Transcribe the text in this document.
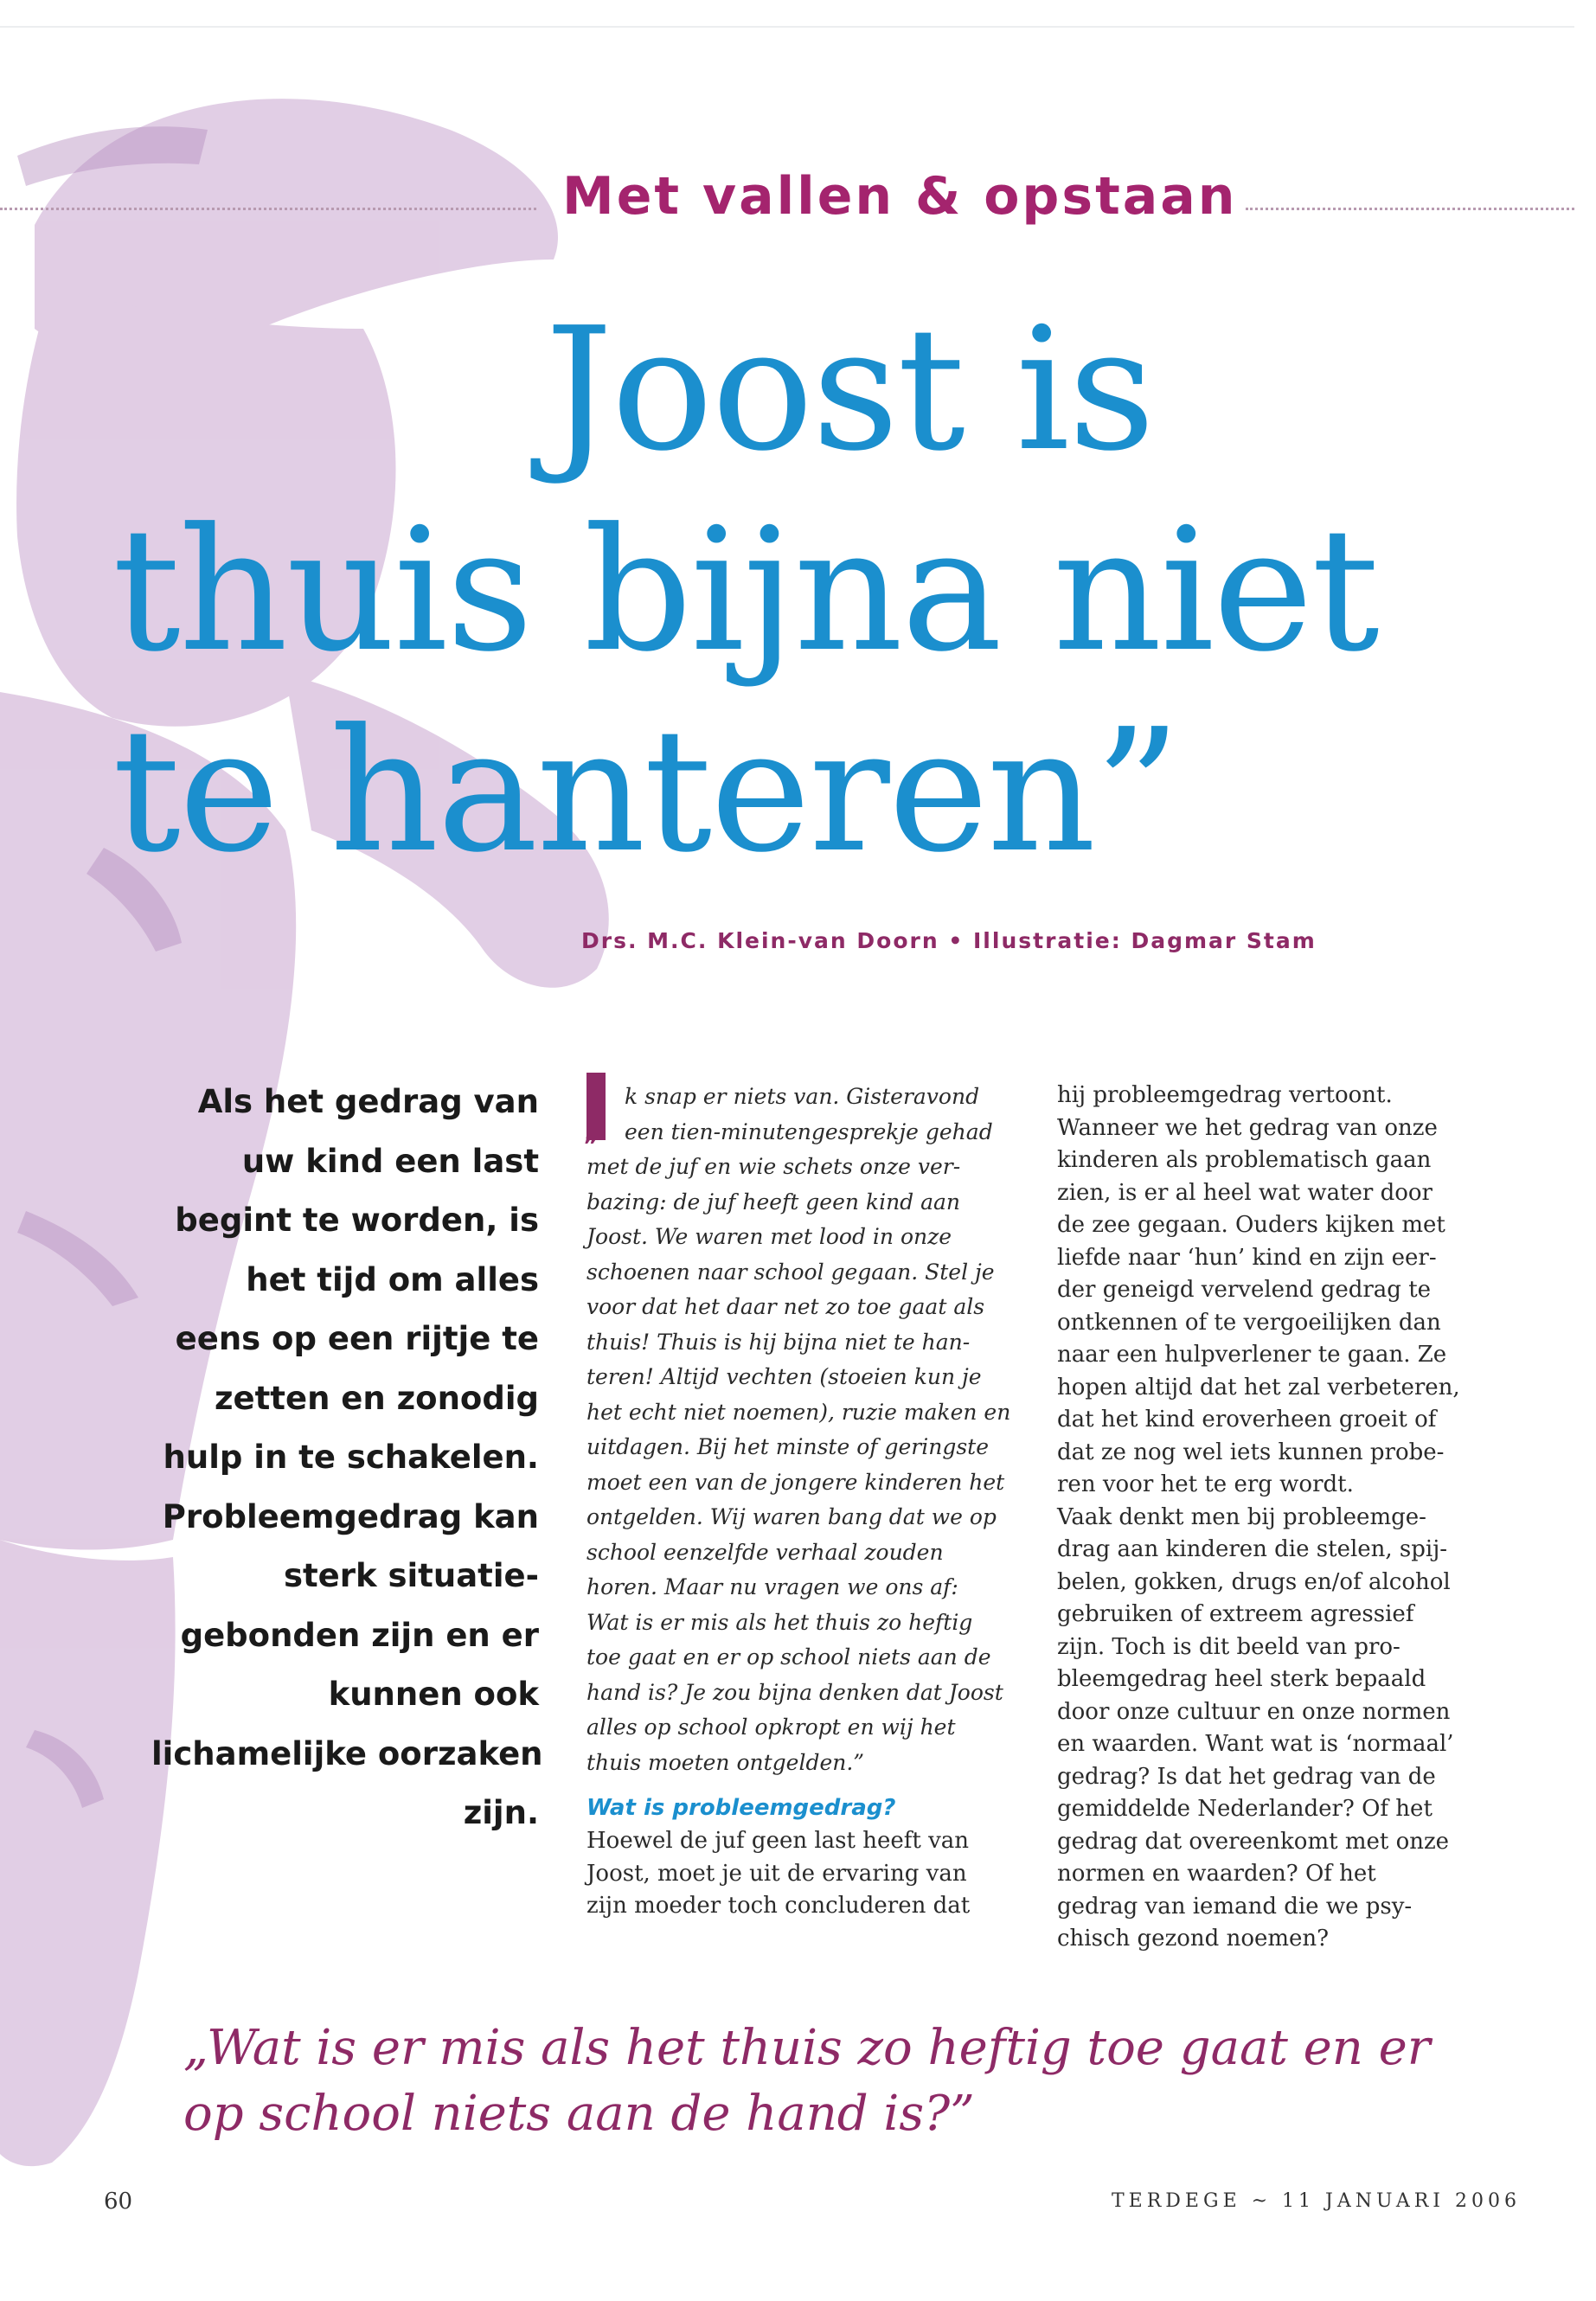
Met vallen & opstaan
Joost is
thuis bijna niet
te hanteren”
Drs. M.C. Klein-van Doorn • Illustratie: Dagmar Stam
Als het gedrag van
uw kind een last
begint te worden, is
het tijd om alles
eens op een rijtje te
zetten en zonodig
hulp in te schakelen.
Probleemgedrag kan
sterk situatie-
gebonden zijn en er
kunnen ook
lichamelijke oorzaken
zijn.
”
k snap er niets van. Gisteravond
een tien-minutengesprekje gehad
met de juf en wie schets onze ver-
bazing: de juf heeft geen kind aan
Joost. We waren met lood in onze
schoenen naar school gegaan. Stel je
voor dat het daar net zo toe gaat als
thuis! Thuis is hij bijna niet te han-
teren! Altijd vechten (stoeien kun je
het echt niet noemen), ruzie maken en
uitdagen. Bij het minste of geringste
moet een van de jongere kinderen het
ontgelden. Wij waren bang dat we op
school eenzelfde verhaal zouden
horen. Maar nu vragen we ons af:
Wat is er mis als het thuis zo heftig
toe gaat en er op school niets aan de
hand is? Je zou bijna denken dat Joost
alles op school opkropt en wij het
thuis moeten ontgelden.”
Wat is probleemgedrag?
Hoewel de juf geen last heeft van
Joost, moet je uit de ervaring van
zijn moeder toch concluderen dat
hij probleemgedrag vertoont.
Wanneer we het gedrag van onze
kinderen als problematisch gaan
zien, is er al heel wat water door
de zee gegaan. Ouders kijken met
liefde naar ‘hun’ kind en zijn eer-
der geneigd vervelend gedrag te
ontkennen of te vergoeilijken dan
naar een hulpverlener te gaan. Ze
hopen altijd dat het zal verbeteren,
dat het kind eroverheen groeit of
dat ze nog wel iets kunnen probe-
ren voor het te erg wordt.
Vaak denkt men bij probleemge-
drag aan kinderen die stelen, spij-
belen, gokken, drugs en/of alcohol
gebruiken of extreem agressief
zijn. Toch is dit beeld van pro-
bleemgedrag heel sterk bepaald
door onze cultuur en onze normen
en waarden. Want wat is ‘normaal’
gedrag? Is dat het gedrag van de
gemiddelde Nederlander? Of het
gedrag dat overeenkomt met onze
normen en waarden? Of het
gedrag van iemand die we psy-
chisch gezond noemen?
„Wat is er mis als het thuis zo heftig toe gaat en er
op school niets aan de hand is?”
60	TERDEGE ~ 11 JANUARI 2006
